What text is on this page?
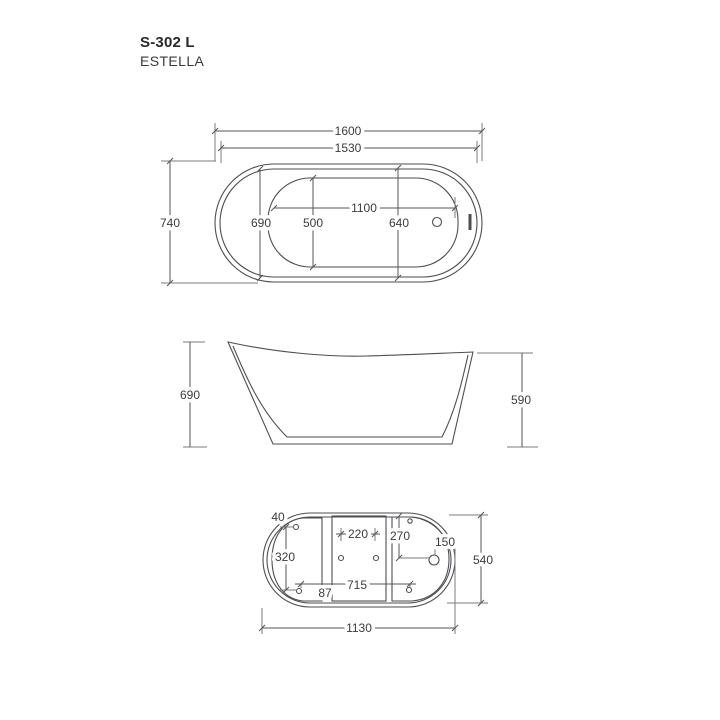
S-302 L
ESTELLA
1600
1530
1100
740	690	500	640
690	590
40
320
220 270 150
715
87
540
1130
